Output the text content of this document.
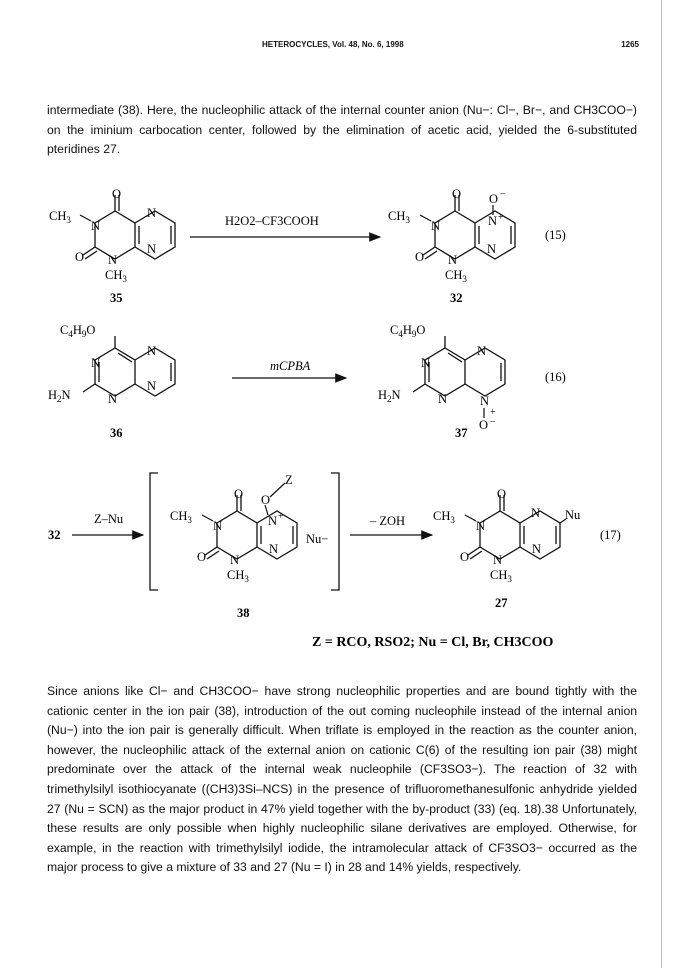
HETEROCYCLES, Vol. 48, No. 6, 1998	1265
intermediate (38). Here, the nucleophilic attack of the internal counter anion (Nu−: Cl−, Br−, and CH3COO−) on the iminium carbocation center, followed by the elimination of acetic acid, yielded the 6-substituted pteridines 27.
O
$CH_3$ N
N
N
N
O
$CH_3$
35
H2O2–CF3COOH
O O −
N +
$CH_3$ N
N
N
O
$CH_3$
32
(15)
$C_4H_9O$
N
N
N
N
$H_2N$
36
mCPBA
$C_4H_9O$
N
N
N	N
+
O −
$H_2N$
37
(16)
32
Z–Nu
O O
Z
N +
$CH_3$ N
N
N
O
$CH_3$
Nu−
38
– ZOH
O
$CH_3$ N
N Nu
N
N
O
$CH_3$
27
(17)
Z = RCO, RSO2; Nu = Cl, Br, CH3COO
Since anions like Cl− and CH3COO− have strong nucleophilic properties and are bound tightly with the cationic center in the ion pair (38), introduction of the out coming nucleophile instead of the internal anion (Nu−) into the ion pair is generally difficult. When triflate is employed in the reaction as the counter anion, however, the nucleophilic attack of the external anion on cationic C(6) of the resulting ion pair (38) might predominate over the attack of the internal weak nucleophile (CF3SO3−). The reaction of 32 with trimethylsilyl isothiocyanate ((CH3)3Si–NCS) in the presence of trifluoromethanesulfonic anhydride yielded 27 (Nu = SCN) as the major product in 47% yield together with the by-product (33) (eq. 18).38 Unfortunately, these results are only possible when highly nucleophilic silane derivatives are employed. Otherwise, for example, in the reaction with trimethylsilyl iodide, the intramolecular attack of CF3SO3− occurred as the major process to give a mixture of 33 and 27 (Nu = I) in 28 and 14% yields, respectively.
